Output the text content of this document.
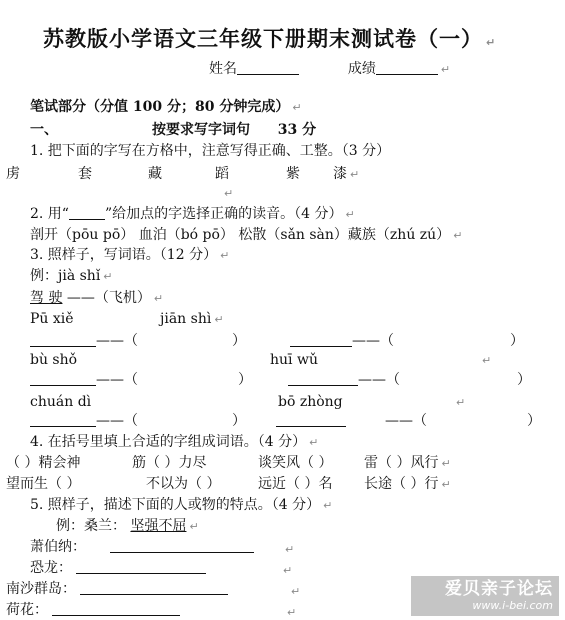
苏教版小学语文三年级下册期末测试卷（一） ↵
姓名	成绩	↵
笔试部分（分值 100 分；80 分钟完成） ↵
一、	按要求写字词句 33 分
1. 把下面的字写在方格中，注意写得正确、工整。（3 分）
虏	套	藏	蹈	紫 漆 ↵
↵
2. 用“	”给加点的字选择正确的读音。（4 分） ↵
剖开（pōu pō） 血泊（bó pō） 松散（sǎn sàn）藏族（zhú zú） ↵
3. 照样子，写词语。（12 分） ↵
例：jià shǐ ↵
驾 驶 ——（飞机） ↵
Pū xiě	jiān shì ↵
——（	）	——（	）
bù shǒ	huī wǔ	↵
——（	）	——（	）
chuán dì	bō zhòng	↵
——（	）	——（	）
4. 在括号里填上合适的字组成词语。（4 分） ↵
（ ）精会神	筋（ ）力尽	谈笑风（ ） 雷（ ）风行 ↵
望而生（ ）	不以为（ ）	远近（ ）名 长途（ ）行 ↵
5. 照样子，描述下面的人或物的特点。（4 分） ↵
例：桑兰： 坚强不屈 ↵
萧伯纳：	↵
恐龙：	↵
南沙群岛：	↵
荷花：	↵
爱贝亲子论坛
www.i-bei.com
